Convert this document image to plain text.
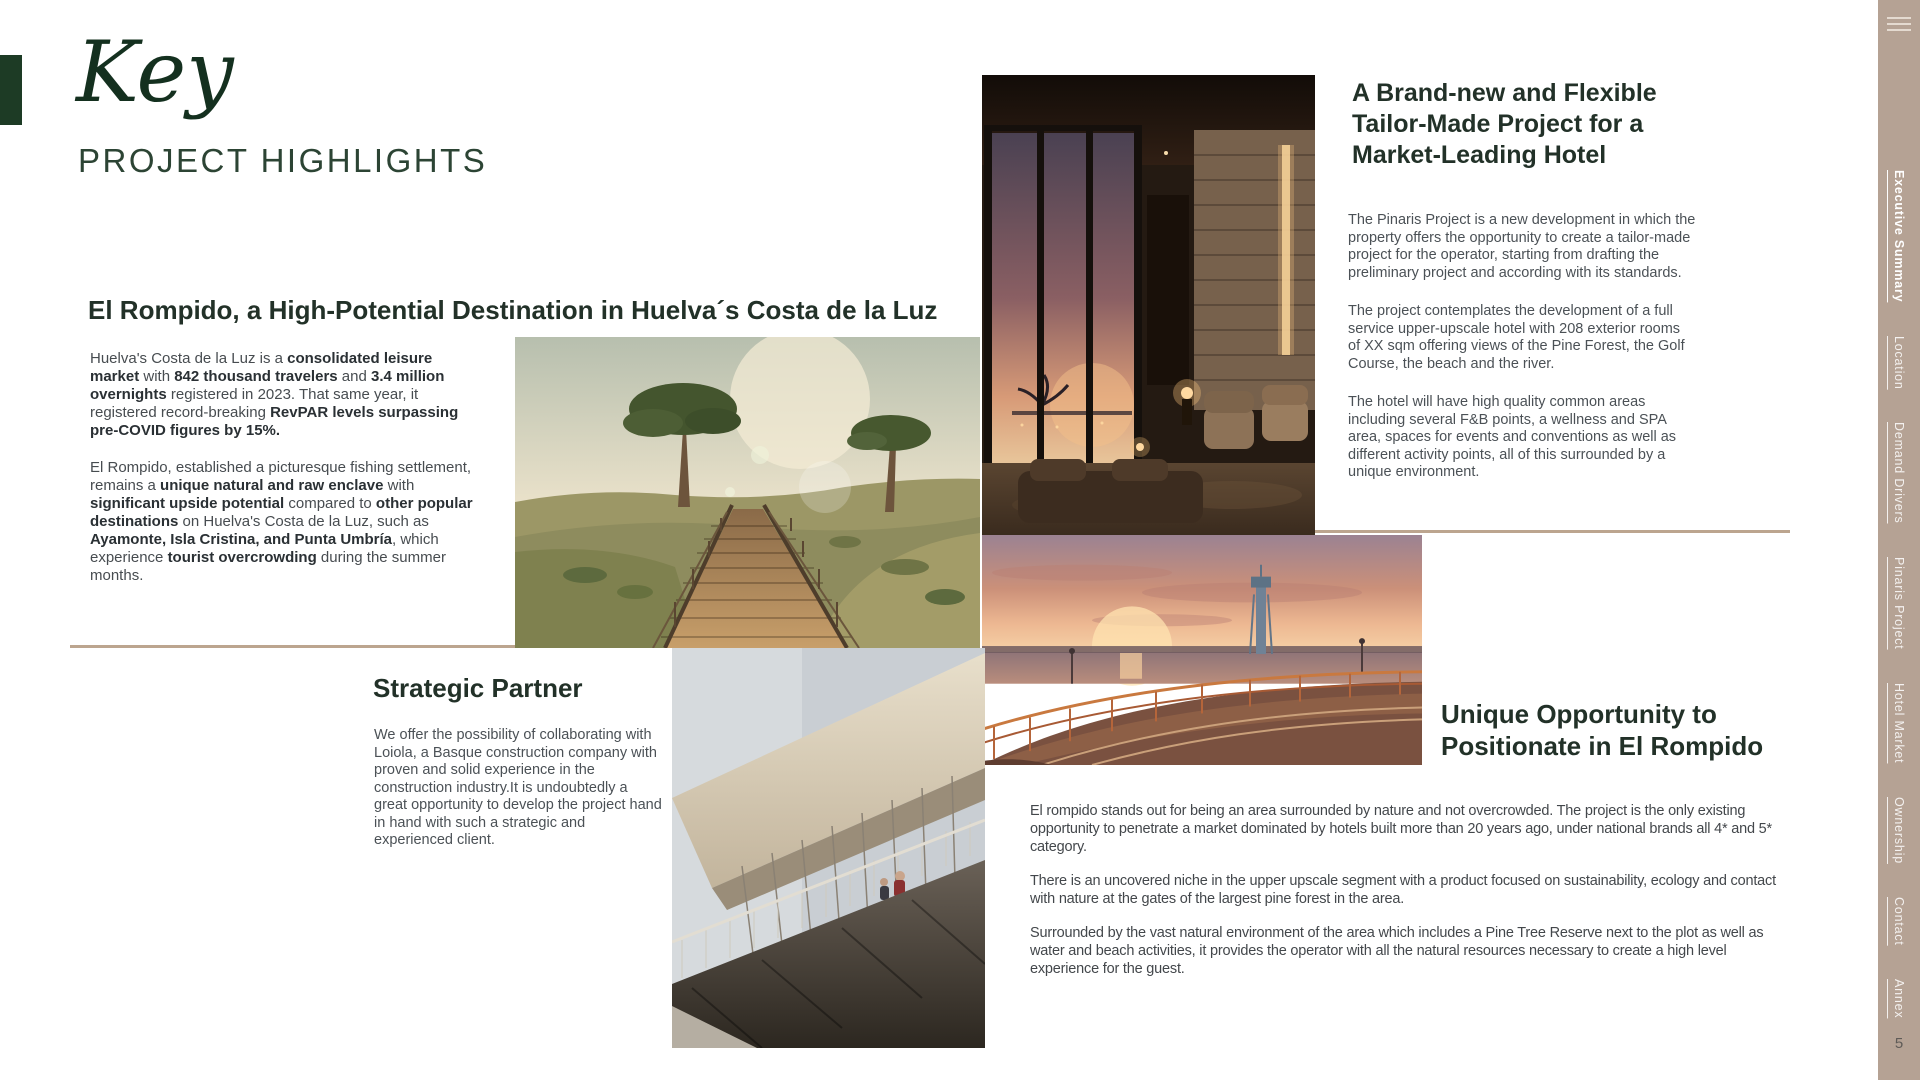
Key
PROJECT HIGHLIGHTS
El Rompido, a High-Potential Destination in Huelva´s Costa de la Luz

Huelva's Costa de la Luz is a consolidated leisure market with 842 thousand travelers and 3.4 million overnights registered in 2023. That same year, it registered record-breaking RevPAR levels surpassing pre-COVID figures by 15%.

El Rompido, established a picturesque fishing settlement, remains a unique natural and raw enclave with significant upside potential compared to other popular destinations on Huelva's Costa de la Luz, such as Ayamonte, Isla Cristina, and Punta Umbría, which experience tourist overcrowding during the summer months.

A Brand-new and Flexible Tailor-Made Project for a Market-Leading Hotel

The Pinaris Project is a new development in which the property offers the opportunity to create a tailor-made project for the operator, starting from drafting the preliminary project and according with its standards.

The project contemplates the development of a full service upper-upscale hotel with 208 exterior rooms of XX sqm offering views of the Pine Forest, the Golf Course, the beach and the river.

The hotel will have high quality common areas including several F&B points, a wellness and SPA area, spaces for events and conventions as well as different activity points, all of this surrounded by a unique environment.

Strategic Partner
We offer the possibility of collaborating with Loiola, a Basque construction company with proven and solid experience in the construction industry.It is undoubtedly a great opportunity to develop the project hand in hand with such a strategic and experienced client.
Unique Opportunity to Positionate in El Rompido

El rompido stands out for being an area surrounded by nature and not overcrowded. The project is the only existing opportunity to penetrate a market dominated by hotels built more than 20 years ago, under national brands all 4* and 5* category.

There is an uncovered niche in the upper upscale segment with a product focused on sustainability, ecology and contact with nature at the gates of the largest pine forest in the area.

Surrounded by the vast natural environment of the area which includes a Pine Tree Reserve next to the plot as well as water and beach activities, it provides the operator with all the natural resources necessary to create a high level experience for the guest.

Executive Summary
Location
Demand Drivers
Pinaris Project
Hotel Market
Ownership
Contact
Annex
5
